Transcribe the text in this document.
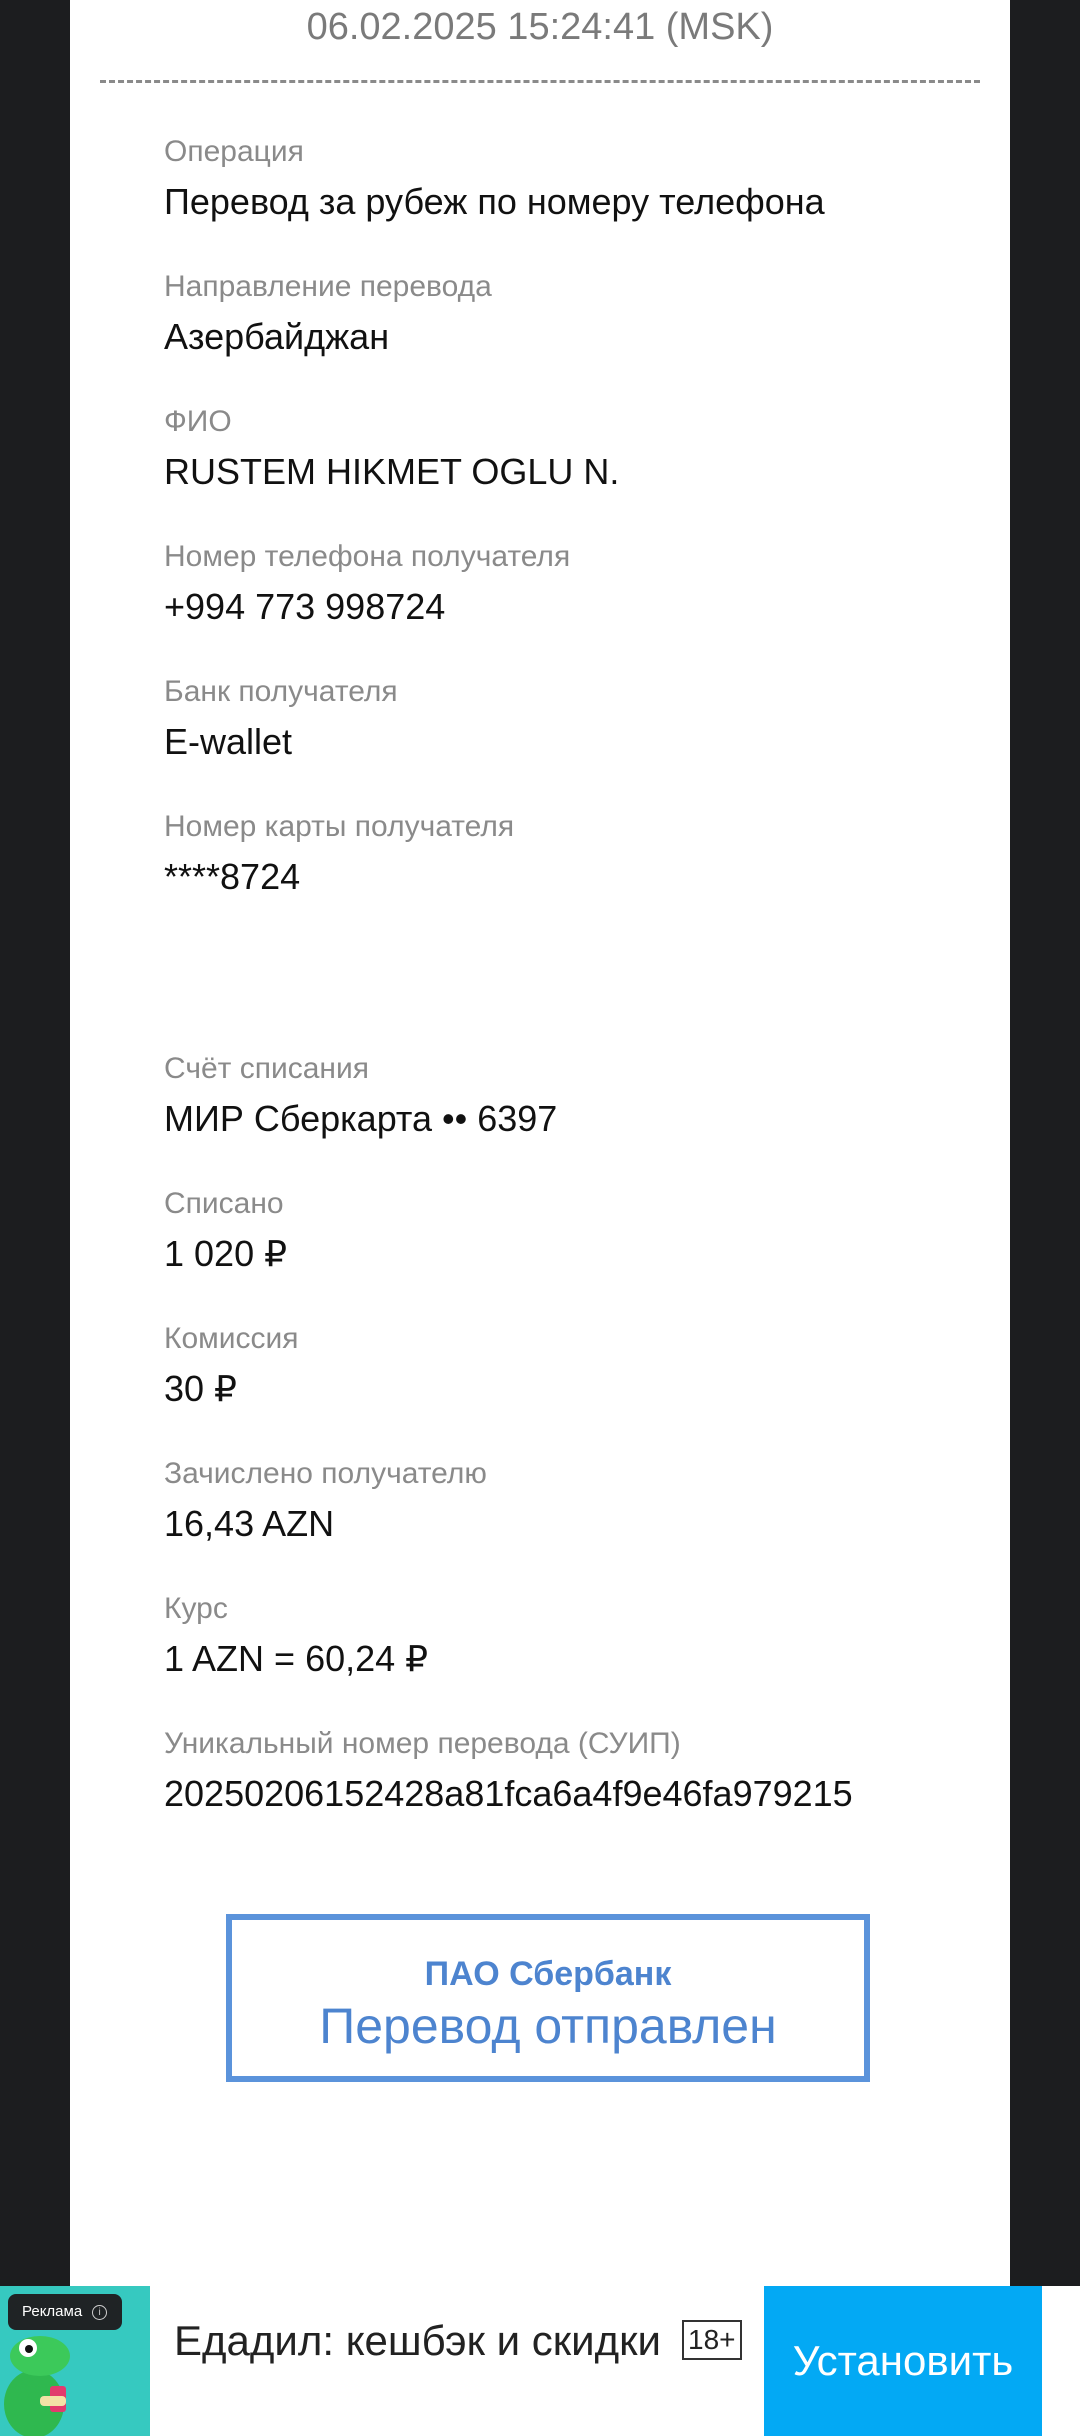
06.02.2025 15:24:41 (MSK)
Операция
Перевод за рубеж по номеру телефона
Направление перевода
Азербайджан
ФИО
RUSTEM HIKMET OGLU N.
Номер телефона получателя
+994 773 998724
Банк получателя
E-wallet
Номер карты получателя
****8724
Счёт списания
МИР Сберкарта •• 6397
Списано
1 020 ₽
Комиссия
30 ₽
Зачислено получателю
16,43 AZN
Курс
1 AZN = 60,24 ₽
Уникальный номер перевода (СУИП)
20250206152428a81fca6a4f9e46fa979215
ПАО Сбербанк
Перевод отправлен
Реклама i
Едадил: кешбэк и скидки 18+	Установить
